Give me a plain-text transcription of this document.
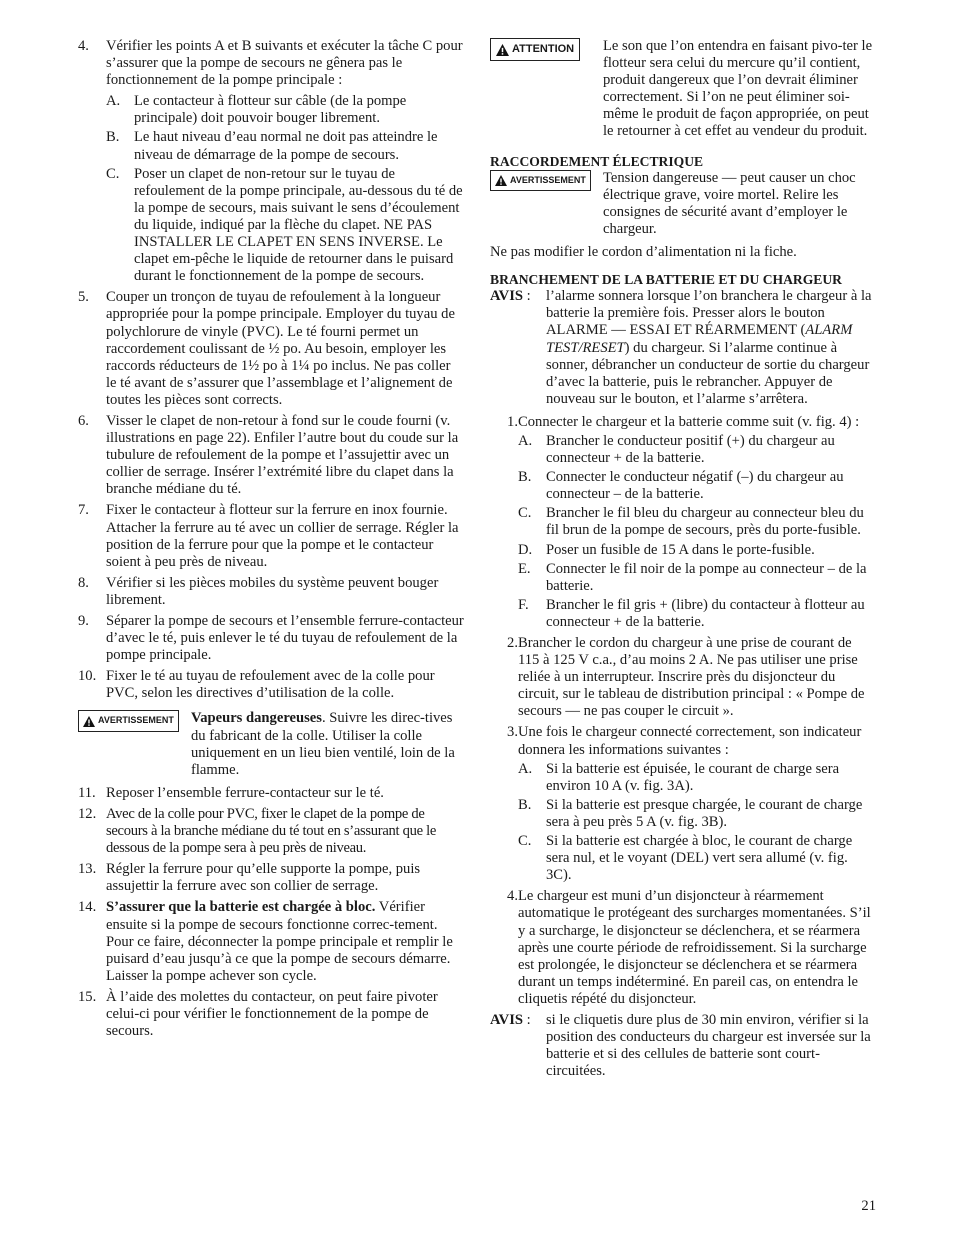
4.	Vérifier les points A et B suivants et exécuter la tâche C pour s’assurer que la pompe de secours ne gênera pas le fonctionnement de la pompe principale :
A. Le contacteur à flotteur sur câble (de la pompe principale) doit pouvoir bouger librement.
B.	Le haut niveau d’eau normal ne doit pas atteindre le niveau de démarrage de la pompe de secours.
C.	Poser un clapet de non-retour sur le tuyau de refoulement de la pompe principale, au-dessous du té de la pompe de secours, mais suivant le sens d’écoulement du liquide, indiqué par la flèche du clapet. NE PAS INSTALLER LE CLAPET EN SENS INVERSE. Le clapet em-pêche le liquide de retourner dans le puisard durant le fonctionnement de la pompe de secours.
5.	Couper un tronçon de tuyau de refoulement à la longueur appropriée pour la pompe principale. Employer du tuyau de polychlorure de vinyle (PVC). Le té fourni permet un raccordement coulissant de ½ po. Au besoin, employer les raccords réducteurs de 1½ po à 1¼ po inclus. Ne pas coller le té avant de s’assurer que l’assemblage et l’alignement de toutes les pièces sont corrects.
6.	Visser le clapet de non-retour à fond sur le coude fourni (v. illustrations en page 22). Enfiler l’autre bout du coude sur la tubulure de refoulement de la pompe et l’assujettir avec un collier de serrage. Insérer l’extrémité libre du clapet dans la branche médiane du té.
7.	Fixer le contacteur à flotteur sur la ferrure en inox fournie. Attacher la ferrure au té avec un collier de serrage. Régler la position de la ferrure pour que la pompe et le contacteur soient à peu près de niveau.
8.	Vérifier si les pièces mobiles du système peuvent bouger librement.
9.	Séparer la pompe de secours et l’ensemble ferrure-contacteur d’avec le té, puis enlever le té du tuyau de refoulement de la pompe principale.
10. Fixer le té au tuyau de refoulement avec de la colle pour PVC, selon les directives d’utilisation de la colle.
AVERTISSEMENT Vapeurs dangereuses. Suivre les direc-tives du fabricant de la colle. Utiliser la colle uniquement en un lieu bien ventilé, loin de la flamme.
11. Reposer l’ensemble ferrure-contacteur sur le té.
12. Avec de la colle pour PVC, fixer le clapet de la pompe de secours à la branche médiane du té tout en s’assurant que le dessous de la pompe sera à peu près de niveau.
13. Régler la ferrure pour qu’elle supporte la pompe, puis assujettir la ferrure avec son collier de serrage.
14. S’assurer que la batterie est chargée à bloc. Vérifier ensuite si la pompe de secours fonctionne correc-tement. Pour ce faire, déconnecter la pompe principale et remplir le puisard d’eau jusqu’à ce que la pompe de secours démarre. Laisser la pompe achever son cycle.
15. À l’aide des molettes du contacteur, on peut faire pivoter celui-ci pour vérifier le fonctionnement de la pompe de secours.
ATTENTION Le son que l’on entendra en faisant pivo-ter le flotteur sera celui du mercure qu’il contient, produit dangereux que l’on devrait éliminer correctement. Si l’on ne peut éliminer soi-même le produit de façon appropriée, on peut le retourner à cet effet au vendeur du produit.
RACCORDEMENT ÉLECTRIQUE
AVERTISSEMENT Tension dangereuse — peut causer un choc électrique grave, voire mortel. Relire les consignes de sécurité avant d’employer le chargeur.

Ne pas modifier le cordon d’alimentation ni la fiche.

BRANCHEMENT DE LA BATTERIE ET DU CHARGEUR
AVIS :	l’alarme sonnera lorsque l’on branchera le chargeur à la batterie la première fois. Presser alors le bouton ALARME — ESSAI ET RÉARMEMENT (ALARM TEST/RESET) du chargeur. Si l’alarme continue à sonner, débrancher un conducteur de sortie du chargeur d’avec la batterie, puis le rebrancher. Appuyer de nouveau sur le bouton, et l’alarme s’arrêtera.
1. Connecter le chargeur et la batterie comme suit (v. fig. 4) :
A. Brancher le conducteur positif (+) du chargeur au connecteur + de la batterie.
B.	Connecter le conducteur négatif (–) du chargeur au connecteur – de la batterie.
C.	Brancher le fil bleu du chargeur au connecteur bleu du fil brun de la pompe de secours, près du porte-fusible.
D. Poser un fusible de 15 A dans le porte-fusible.
E.	Connecter le fil noir de la pompe au connecteur – de la batterie.
F.	Brancher le fil gris + (libre) du contacteur à flotteur au connecteur + de la batterie.
2. Brancher le cordon du chargeur à une prise de courant de 115 à 125 V c.a., d’au moins 2 A. Ne pas utiliser une prise reliée à un interrupteur. Inscrire près du disjoncteur du circuit, sur le tableau de distribution principal : « Pompe de secours — ne pas couper le circuit ».
3. Une fois le chargeur connecté correctement, son indicateur donnera les informations suivantes :
A. Si la batterie est épuisée, le courant de charge sera environ 10 A (v. fig. 3A).
B.	Si la batterie est presque chargée, le courant de charge sera à peu près 5 A (v. fig. 3B).
C.	Si la batterie est chargée à bloc, le courant de charge sera nul, et le voyant (DEL) vert sera allumé (v. fig. 3C).
4. Le chargeur est muni d’un disjoncteur à réarmement automatique le protégeant des surcharges momentanées. S’il y a surcharge, le disjoncteur se déclenchera, et se réarmera après une courte période de refroidissement. Si la surcharge est prolongée, le disjoncteur se déclenchera et se réarmera durant un temps indéterminé. En pareil cas, on entendra le cliquetis répété du disjoncteur.
AVIS :	si le cliquetis dure plus de 30 min environ, vérifier si la position des conducteurs du chargeur est inversée sur la batterie et si des cellules de batterie sont court-circuitées.
21
